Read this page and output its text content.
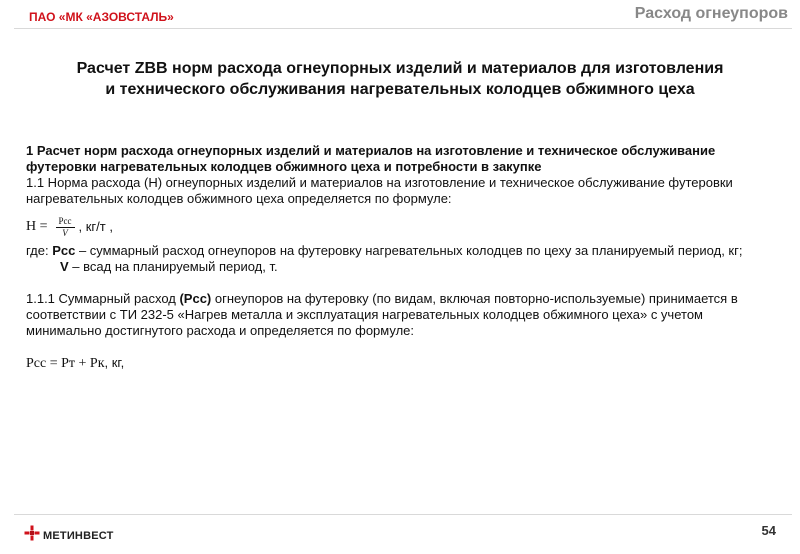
ПАО «МК «АЗОВСТАЛЬ»	Расход огнеупоров
Расчет ZBB норм расхода огнеупорных изделий и материалов для изготовления
и технического обслуживания нагревательных колодцев обжимного цеха

1 Расчет норм расхода огнеупорных изделий и материалов на изготовление и техническое обслуживание футеровки нагревательных колодцев обжимного цеха и потребности в закупке

1.1 Норма расхода (Н) огнеупорных изделий и материалов на изготовление и техническое обслуживание футеровки нагревательных колодцев обжимного цеха определяется по формуле:

$Н = \frac{\text{Pcc}}{V}$ , кг/т ,

где: Рсс – суммарный расход огнеупоров на футеровку нагревательных колодцев по цеху за планируемый период, кг;

V – всад на планируемый период, т.

1.1.1 Суммарный расход (Рсс) огнеупоров на футеровку (по видам, включая повторно-используемые) принимается в соответствии с ТИ 232-5 «Нагрев металла и эксплуатация нагревательных колодцев обжимного цеха» с учетом минимально достигнутого расхода и определяется по формуле:

Рсс = Рт + Рк, кг,

МЕТИНВЕСТ	54
